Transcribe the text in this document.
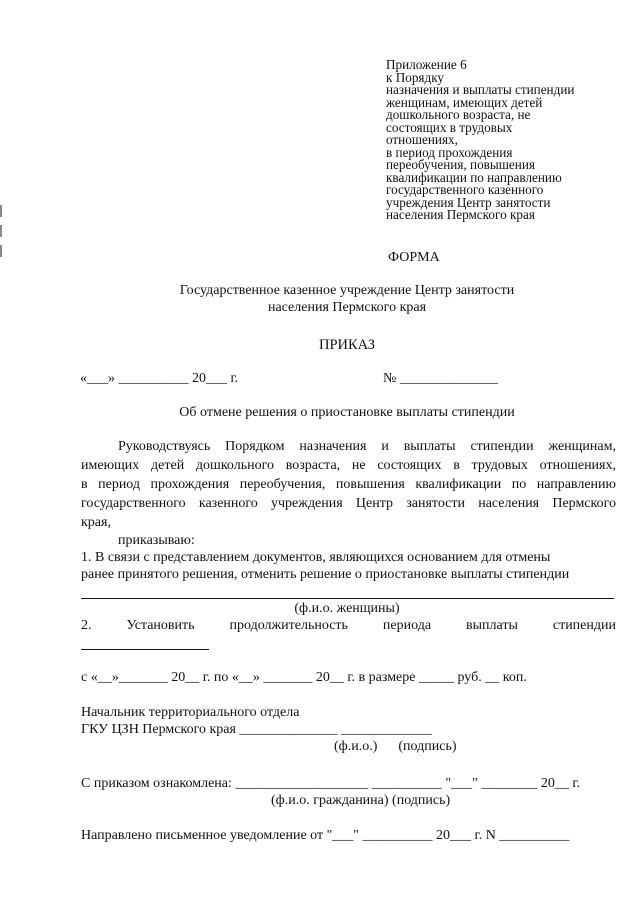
Приложение 6
к Порядку
назначения и выплаты стипендии
женщинам, имеющих детей
дошкольного возраста, не
состоящих в трудовых
отношениях,
в период прохождения
переобучения, повышения
квалификации по направлению
государственного казенного
учреждения Центр занятости
населения Пермского края
ФОРМА
Государственное казенное учреждение Центр занятости
населения Пермского края
ПРИКАЗ
«___» __________ 20___ г.	№ ______________
Об отмене решения о приостановке выплаты стипендии
Руководствуясь Порядком назначения и выплаты стипендии женщинам,
имеющих детей дошкольного возраста, не состоящих в трудовых отношениях,
в период прохождения переобучения, повышения квалификации по направлению
государственного казенного учреждения Центр занятости населения Пермского
края,
приказываю:
1. В связи с представлением документов, являющихся основанием для отмены
ранее принятого решения, отменить решение о приостановке выплаты стипендии
(ф.и.о. женщины)
2. Установить продолжительность периода выплаты стипендии
с «__»_______ 20__ г. по «__» _______ 20__ г. в размере _____ руб. __ коп.
Начальник территориального отдела
ГКУ ЦЗН Пермского края ______________ _____________
(ф.и.о.)      (подпись)
С приказом ознакомлена: ___________________ __________ "___" ________ 20__ г.
(ф.и.о. гражданина) (подпись)
Направлено письменное уведомление от "___" __________ 20___ г. N __________
